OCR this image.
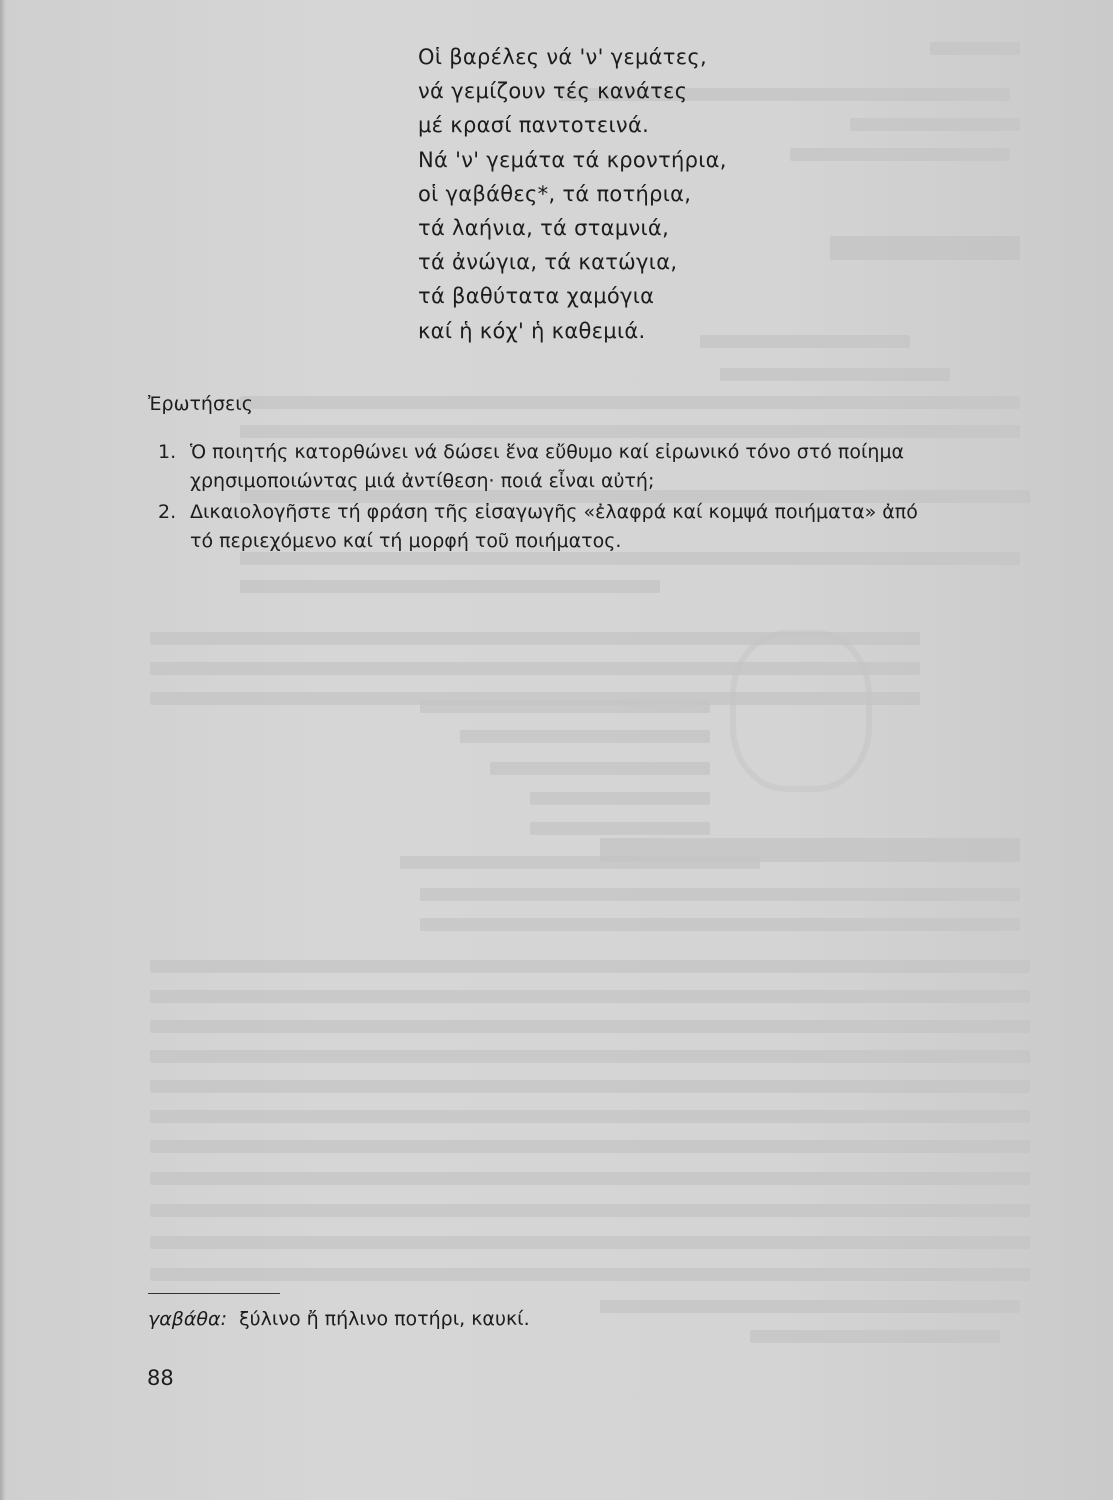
Οἱ βαρέλες νά 'ν' γεμάτες,
νά γεμίζουν τές κανάτες
μέ κρασί παντοτεινά.
Νά 'ν' γεμάτα τά κροντήρια,
οἱ γαβάθες*, τά ποτήρια,
τά λαήνια, τά σταμνιά,
τά ἀνώγια, τά κατώγια,
τά βαθύτατα χαμόγια
καί ἡ κόχ' ἡ καθεμιά.
Ἐρωτήσεις
1. Ὁ ποιητής κατορθώνει νά δώσει ἕνα εὔθυμο καί εἰρωνικό τόνο στό ποίημα
χρησιμοποιώντας μιά ἀντίθεση· ποιά εἶναι αὐτή;
2. Δικαιολογῆστε τή φράση τῆς εἰσαγωγῆς «ἐλαφρά καί κομψά ποιήματα» ἀπό
τό περιεχόμενο καί τή μορφή τοῦ ποιήματος.
γαβάθα: ξύλινο ἤ πήλινο ποτήρι, καυκί.
88
